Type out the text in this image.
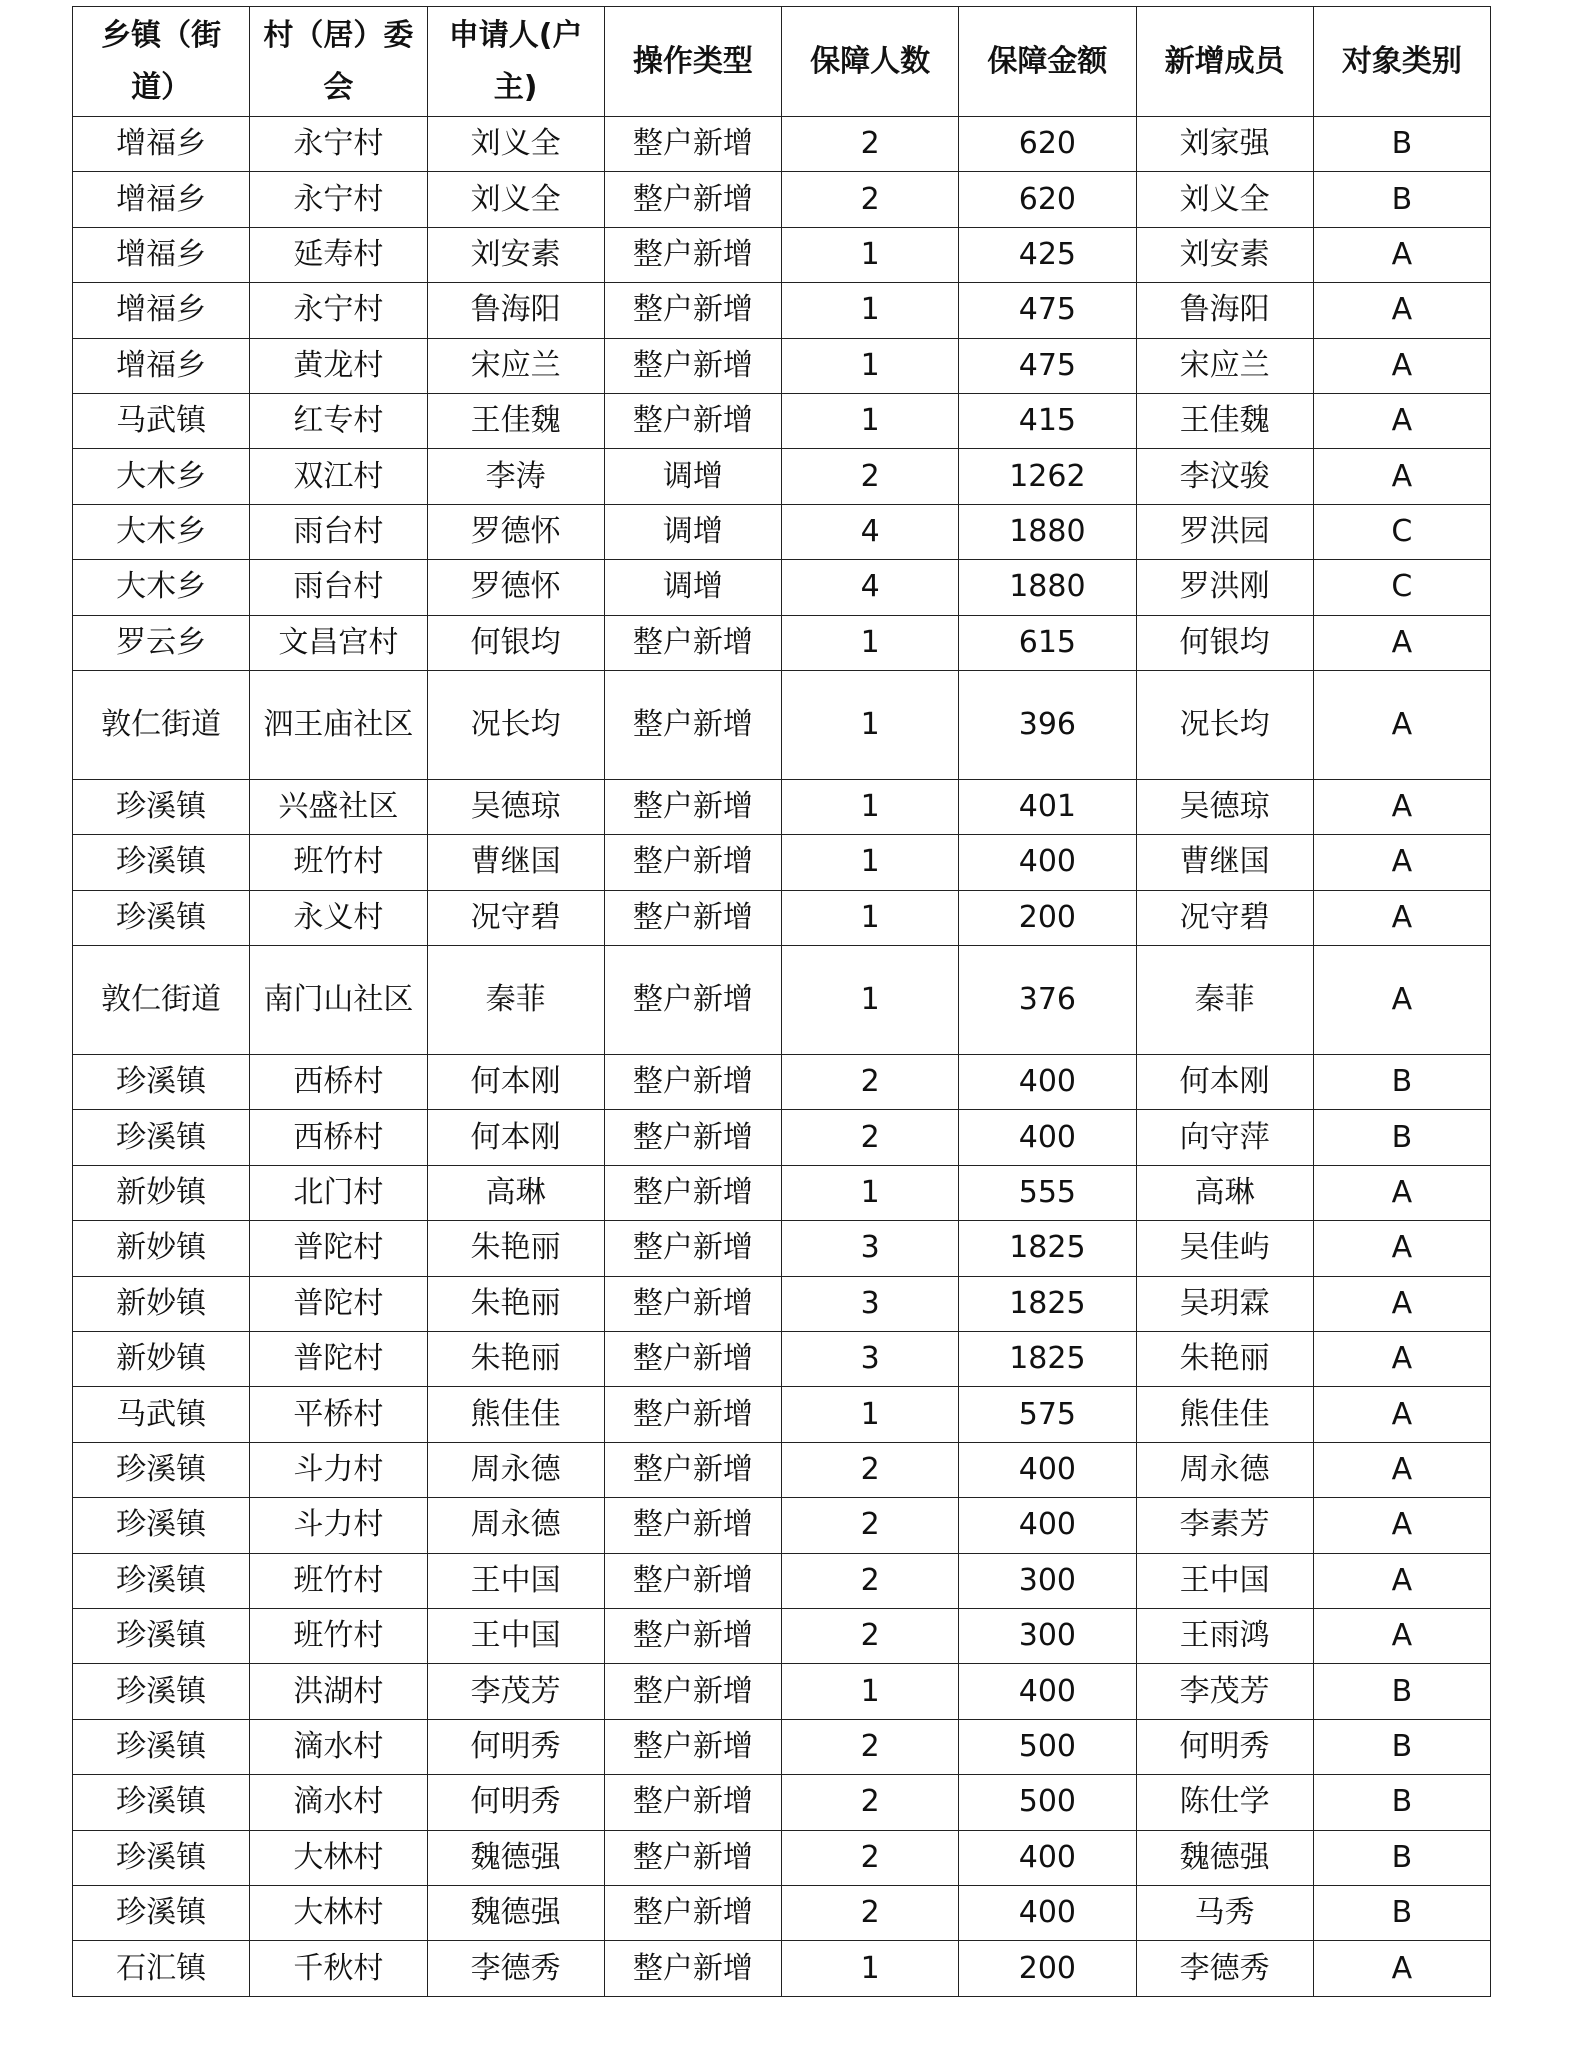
乡镇（街道）	村（居）委会	申请人(户主)	操作类型	保障人数	保障金额	新增成员	对象类别
增福乡	永宁村	刘义全	整户新增	2	620	刘家强	B
增福乡	永宁村	刘义全	整户新增	2	620	刘义全	B
增福乡	延寿村	刘安素	整户新增	1	425	刘安素	A
增福乡	永宁村	鲁海阳	整户新增	1	475	鲁海阳	A
增福乡	黄龙村	宋应兰	整户新增	1	475	宋应兰	A
马武镇	红专村	王佳魏	整户新增	1	415	王佳魏	A
大木乡	双江村	李涛	调增	2	1262	李汶骏	A
大木乡	雨台村	罗德怀	调增	4	1880	罗洪园	C
大木乡	雨台村	罗德怀	调增	4	1880	罗洪刚	C
罗云乡	文昌宫村	何银均	整户新增	1	615	何银均	A
敦仁街道	泗王庙社区	况长均	整户新增	1	396	况长均	A
珍溪镇	兴盛社区	吴德琼	整户新增	1	401	吴德琼	A
珍溪镇	班竹村	曹继国	整户新增	1	400	曹继国	A
珍溪镇	永义村	况守碧	整户新增	1	200	况守碧	A
敦仁街道	南门山社区	秦菲	整户新增	1	376	秦菲	A
珍溪镇	西桥村	何本刚	整户新增	2	400	何本刚	B
珍溪镇	西桥村	何本刚	整户新增	2	400	向守萍	B
新妙镇	北门村	高琳	整户新增	1	555	高琳	A
新妙镇	普陀村	朱艳丽	整户新增	3	1825	吴佳屿	A
新妙镇	普陀村	朱艳丽	整户新增	3	1825	吴玥霖	A
新妙镇	普陀村	朱艳丽	整户新增	3	1825	朱艳丽	A
马武镇	平桥村	熊佳佳	整户新增	1	575	熊佳佳	A
珍溪镇	斗力村	周永德	整户新增	2	400	周永德	A
珍溪镇	斗力村	周永德	整户新增	2	400	李素芳	A
珍溪镇	班竹村	王中国	整户新增	2	300	王中国	A
珍溪镇	班竹村	王中国	整户新增	2	300	王雨鸿	A
珍溪镇	洪湖村	李茂芳	整户新增	1	400	李茂芳	B
珍溪镇	滴水村	何明秀	整户新增	2	500	何明秀	B
珍溪镇	滴水村	何明秀	整户新增	2	500	陈仕学	B
珍溪镇	大林村	魏德强	整户新增	2	400	魏德强	B
珍溪镇	大林村	魏德强	整户新增	2	400	马秀	B
石汇镇	千秋村	李德秀	整户新增	1	200	李德秀	A
